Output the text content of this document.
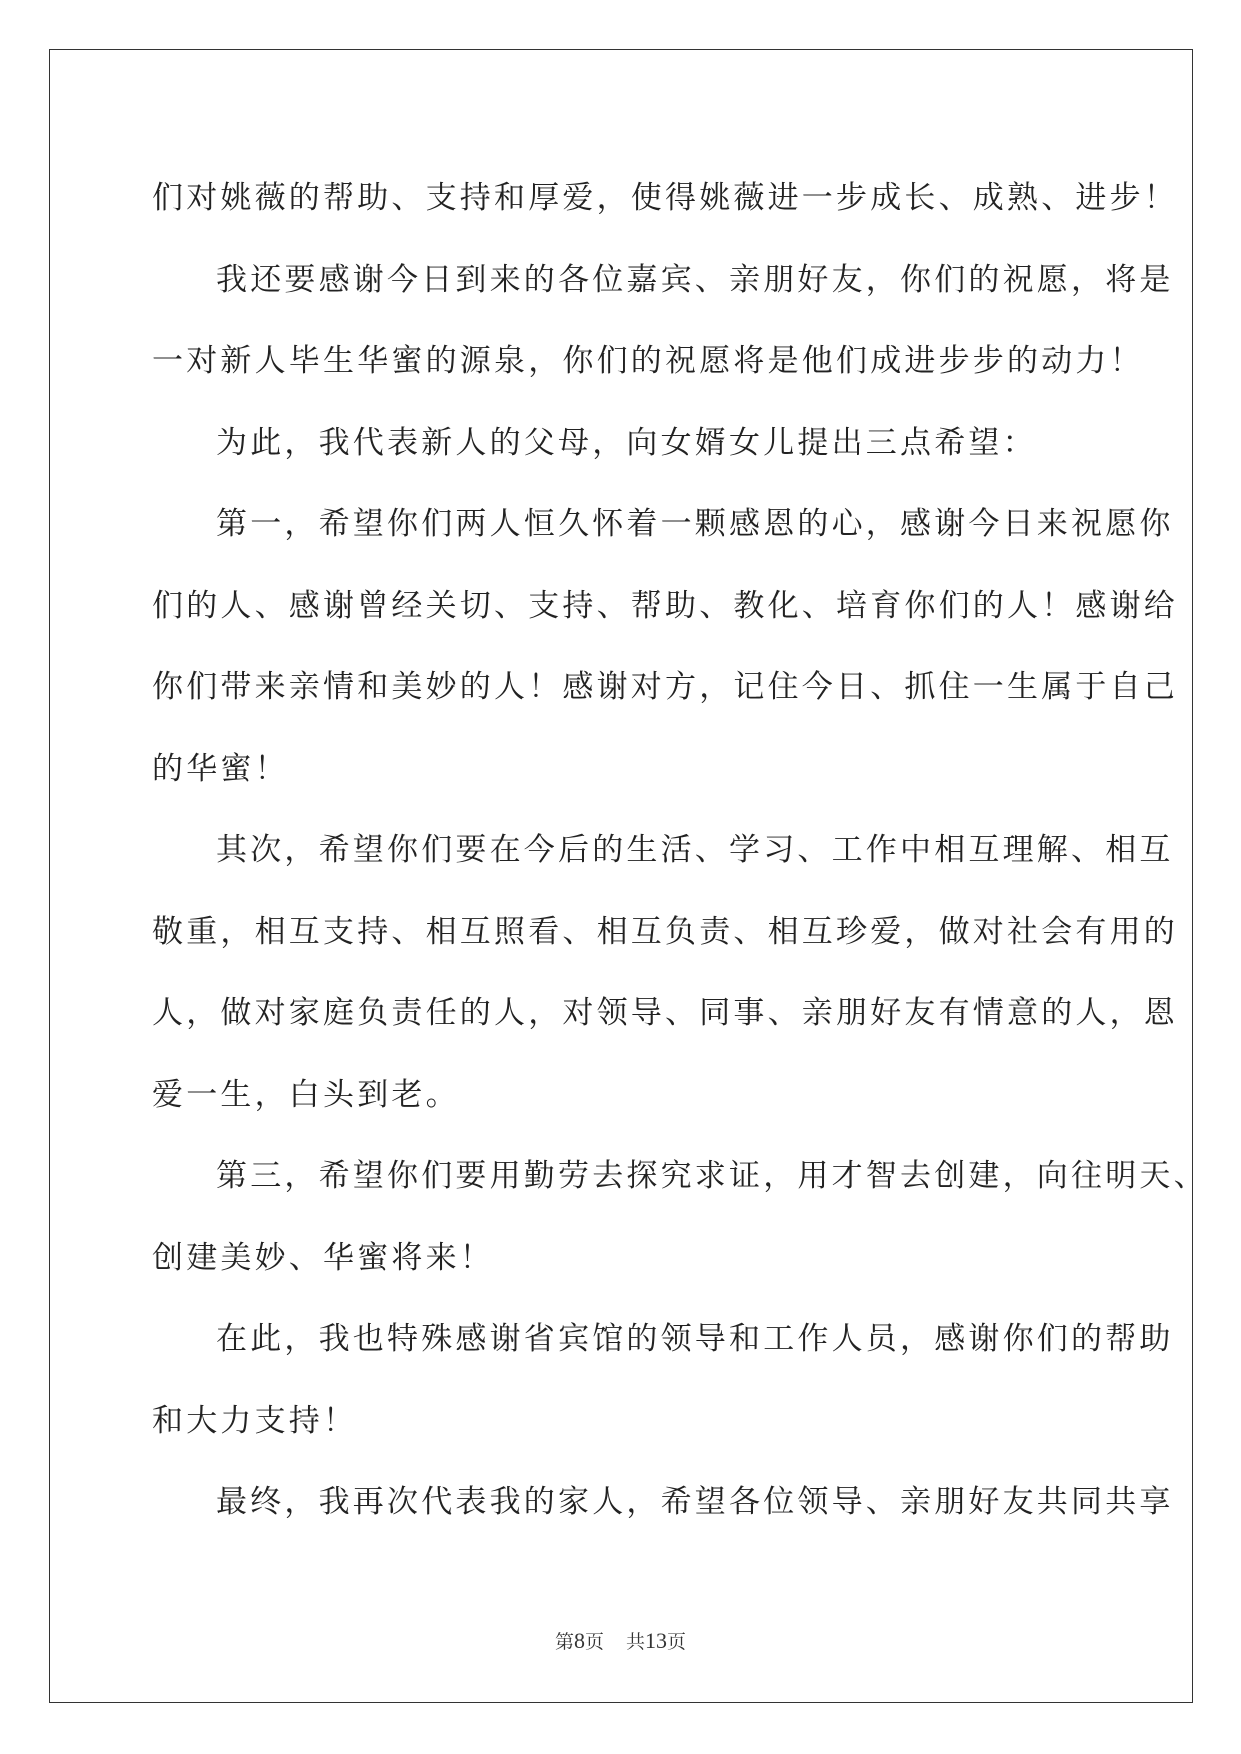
们对姚薇的帮助、支持和厚爱，使得姚薇进一步成长、成熟、进步！
我还要感谢今日到来的各位嘉宾、亲朋好友，你们的祝愿，将是
一对新人毕生华蜜的源泉，你们的祝愿将是他们成进步步的动力！
为此，我代表新人的父母，向女婿女儿提出三点希望：
第一，希望你们两人恒久怀着一颗感恩的心，感谢今日来祝愿你
们的人、感谢曾经关切、支持、帮助、教化、培育你们的人！感谢给
你们带来亲情和美妙的人！感谢对方，记住今日、抓住一生属于自己
的华蜜！
其次，希望你们要在今后的生活、学习、工作中相互理解、相互
敬重，相互支持、相互照看、相互负责、相互珍爱，做对社会有用的
人，做对家庭负责任的人，对领导、同事、亲朋好友有情意的人，恩
爱一生，白头到老。
第三，希望你们要用勤劳去探究求证，用才智去创建，向往明天、
创建美妙、华蜜将来！
在此，我也特殊感谢省宾馆的领导和工作人员，感谢你们的帮助
和大力支持！
最终，我再次代表我的家人，希望各位领导、亲朋好友共同共享
第8页 共13页
